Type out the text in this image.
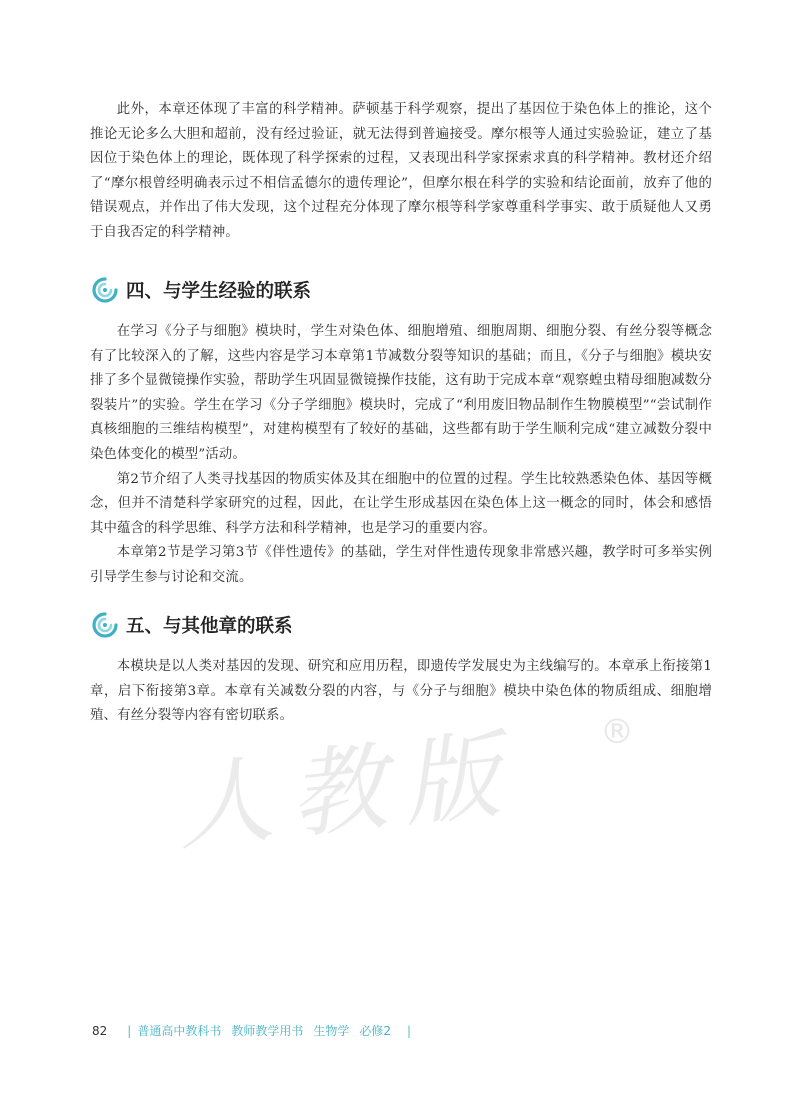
人教版 ®

此外，本章还体现了丰富的科学精神。萨顿基于科学观察，提出了基因位于染色体上的推论，这个推论无论多么大胆和超前，没有经过验证，就无法得到普遍接受。摩尔根等人通过实验验证，建立了基因位于染色体上的理论，既体现了科学探索的过程，又表现出科学家探索求真的科学精神。教材还介绍了“摩尔根曾经明确表示过不相信孟德尔的遗传理论”，但摩尔根在科学的实验和结论面前，放弃了他的错误观点，并作出了伟大发现，这个过程充分体现了摩尔根等科学家尊重科学事实、敢于质疑他人又勇于自我否定的科学精神。

四、与学生经验的联系

在学习《分子与细胞》模块时，学生对染色体、细胞增殖、细胞周期、细胞分裂、有丝分裂等概念有了比较深入的了解，这些内容是学习本章第1节减数分裂等知识的基础；而且，《分子与细胞》模块安排了多个显微镜操作实验，帮助学生巩固显微镜操作技能，这有助于完成本章“观察蝗虫精母细胞减数分裂装片”的实验。学生在学习《分子学细胞》模块时，完成了“利用废旧物品制作生物膜模型”“尝试制作真核细胞的三维结构模型”，对建构模型有了较好的基础，这些都有助于学生顺利完成“建立减数分裂中染色体变化的模型”活动。

第2节介绍了人类寻找基因的物质实体及其在细胞中的位置的过程。学生比较熟悉染色体、基因等概念，但并不清楚科学家研究的过程，因此，在让学生形成基因在染色体上这一概念的同时，体会和感悟其中蕴含的科学思维、科学方法和科学精神，也是学习的重要内容。

本章第2节是学习第3节《伴性遗传》的基础，学生对伴性遗传现象非常感兴趣，教学时可多举实例引导学生参与讨论和交流。

五、与其他章的联系

本模块是以人类对基因的发现、研究和应用历程，即遗传学发展史为主线编写的。本章承上衔接第1章，启下衔接第3章。本章有关减数分裂的内容，与《分子与细胞》模块中染色体的物质组成、细胞增殖、有丝分裂等内容有密切联系。

82 | 普通高中教科书 教师教学用书 生物学 必修2 |
